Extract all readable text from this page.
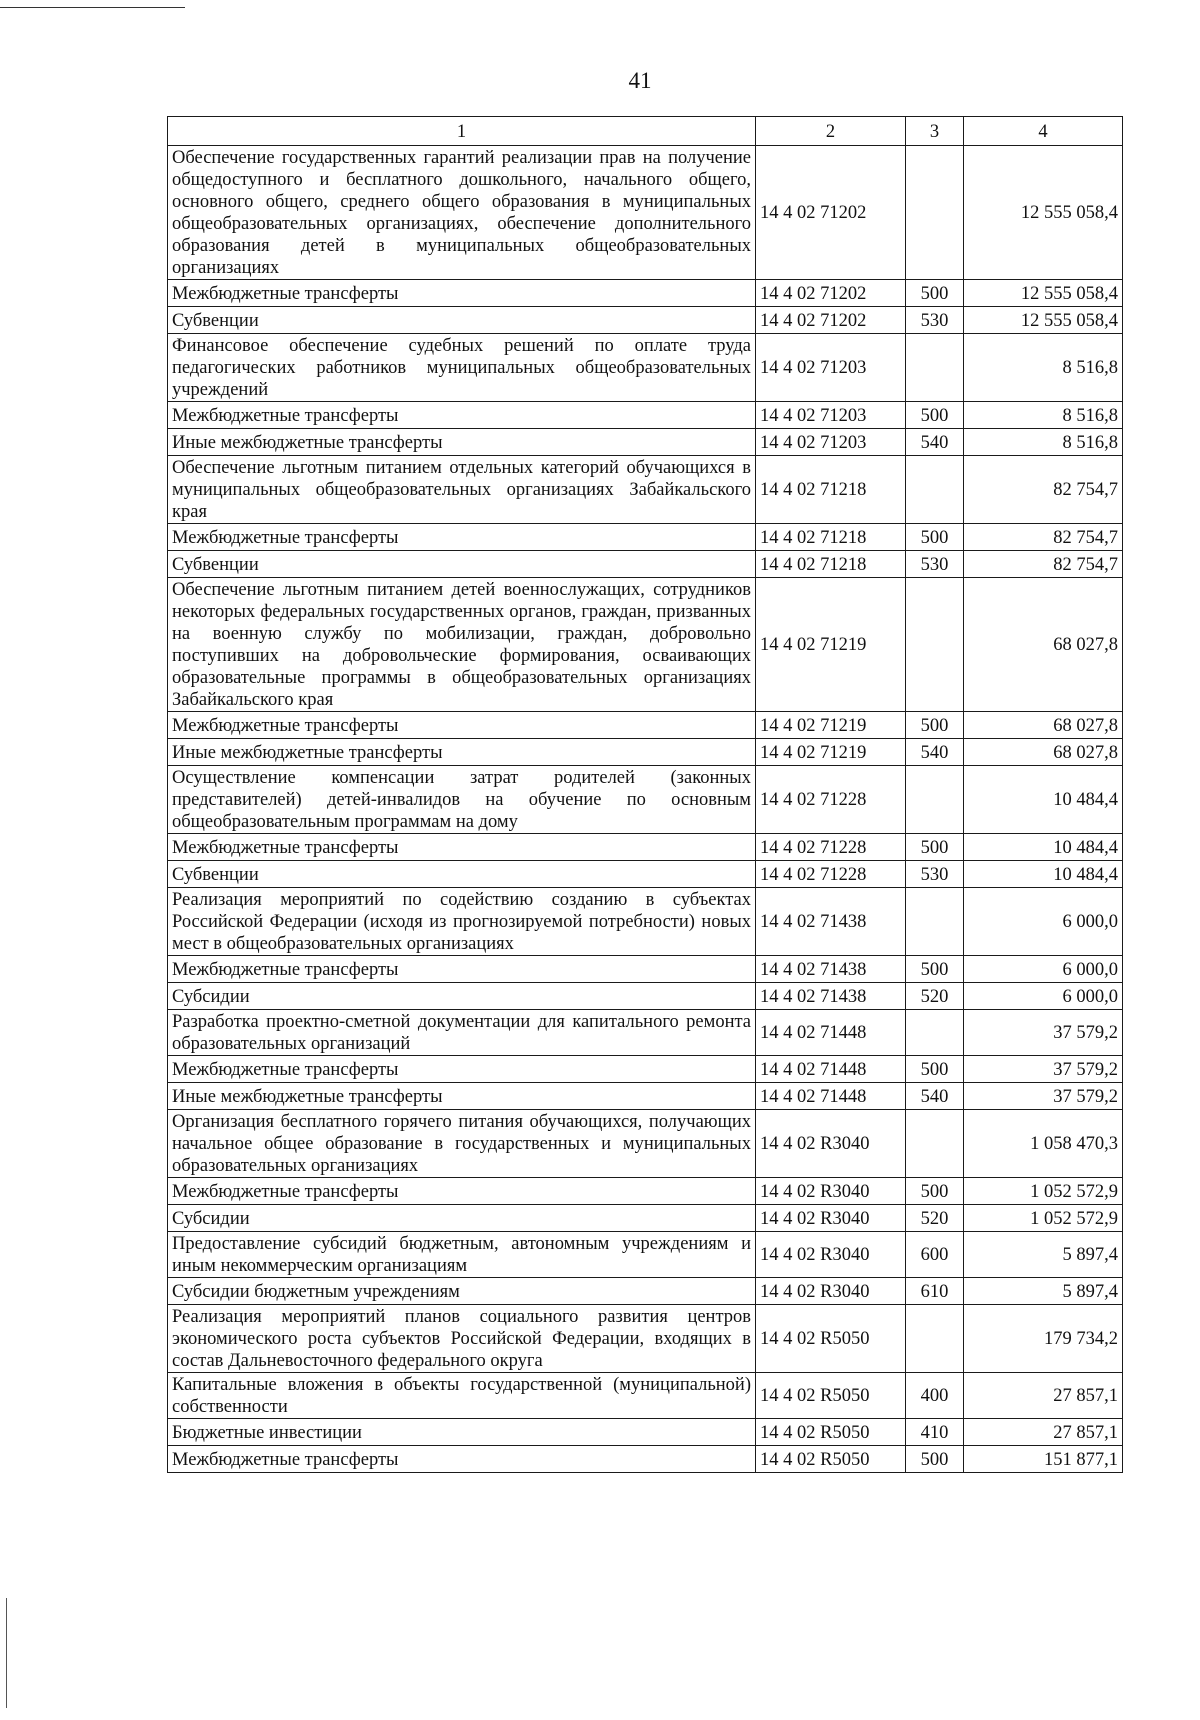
41
1	2	3	4
Обеспечение государственных гарантий реализации прав на получение общедоступного и бесплатного дошкольного, начального общего, основного общего, среднего общего образования в муниципальных общеобразовательных организациях, обеспечение дополнительного образования детей в муниципальных общеобразовательных организациях	14 4 02 71202		12 555 058,4
Межбюджетные трансферты	14 4 02 71202	500	12 555 058,4
Субвенции	14 4 02 71202	530	12 555 058,4
Финансовое обеспечение судебных решений по оплате труда педагогических работников муниципальных общеобразовательных учреждений	14 4 02 71203		8 516,8
Межбюджетные трансферты	14 4 02 71203	500	8 516,8
Иные межбюджетные трансферты	14 4 02 71203	540	8 516,8
Обеспечение льготным питанием отдельных категорий обучающихся в муниципальных общеобразовательных организациях Забайкальского края	14 4 02 71218		82 754,7
Межбюджетные трансферты	14 4 02 71218	500	82 754,7
Субвенции	14 4 02 71218	530	82 754,7
Обеспечение льготным питанием детей военнослужащих, сотрудников некоторых федеральных государственных органов, граждан, призванных на военную службу по мобилизации, граждан, добровольно поступивших на добровольческие формирования, осваивающих образовательные программы в общеобразовательных организациях Забайкальского края	14 4 02 71219		68 027,8
Межбюджетные трансферты	14 4 02 71219	500	68 027,8
Иные межбюджетные трансферты	14 4 02 71219	540	68 027,8
Осуществление компенсации затрат родителей (законных представителей) детей-инвалидов на обучение по основным общеобразовательным программам на дому	14 4 02 71228		10 484,4
Межбюджетные трансферты	14 4 02 71228	500	10 484,4
Субвенции	14 4 02 71228	530	10 484,4
Реализация мероприятий по содействию созданию в субъектах Российской Федерации (исходя из прогнозируемой потребности) новых мест в общеобразовательных организациях	14 4 02 71438		6 000,0
Межбюджетные трансферты	14 4 02 71438	500	6 000,0
Субсидии	14 4 02 71438	520	6 000,0
Разработка проектно-сметной документации для капитального ремонта образовательных организаций	14 4 02 71448		37 579,2
Межбюджетные трансферты	14 4 02 71448	500	37 579,2
Иные межбюджетные трансферты	14 4 02 71448	540	37 579,2
Организация бесплатного горячего питания обучающихся, получающих начальное общее образование в государственных и муниципальных образовательных организациях	14 4 02 R3040		1 058 470,3
Межбюджетные трансферты	14 4 02 R3040	500	1 052 572,9
Субсидии	14 4 02 R3040	520	1 052 572,9
Предоставление субсидий бюджетным, автономным учреждениям и иным некоммерческим организациям	14 4 02 R3040	600	5 897,4
Субсидии бюджетным учреждениям	14 4 02 R3040	610	5 897,4
Реализация мероприятий планов социального развития центров экономического роста субъектов Российской Федерации, входящих в состав Дальневосточного федерального округа	14 4 02 R5050		179 734,2
Капитальные вложения в объекты государственной (муниципальной) собственности	14 4 02 R5050	400	27 857,1
Бюджетные инвестиции	14 4 02 R5050	410	27 857,1
Межбюджетные трансферты	14 4 02 R5050	500	151 877,1
